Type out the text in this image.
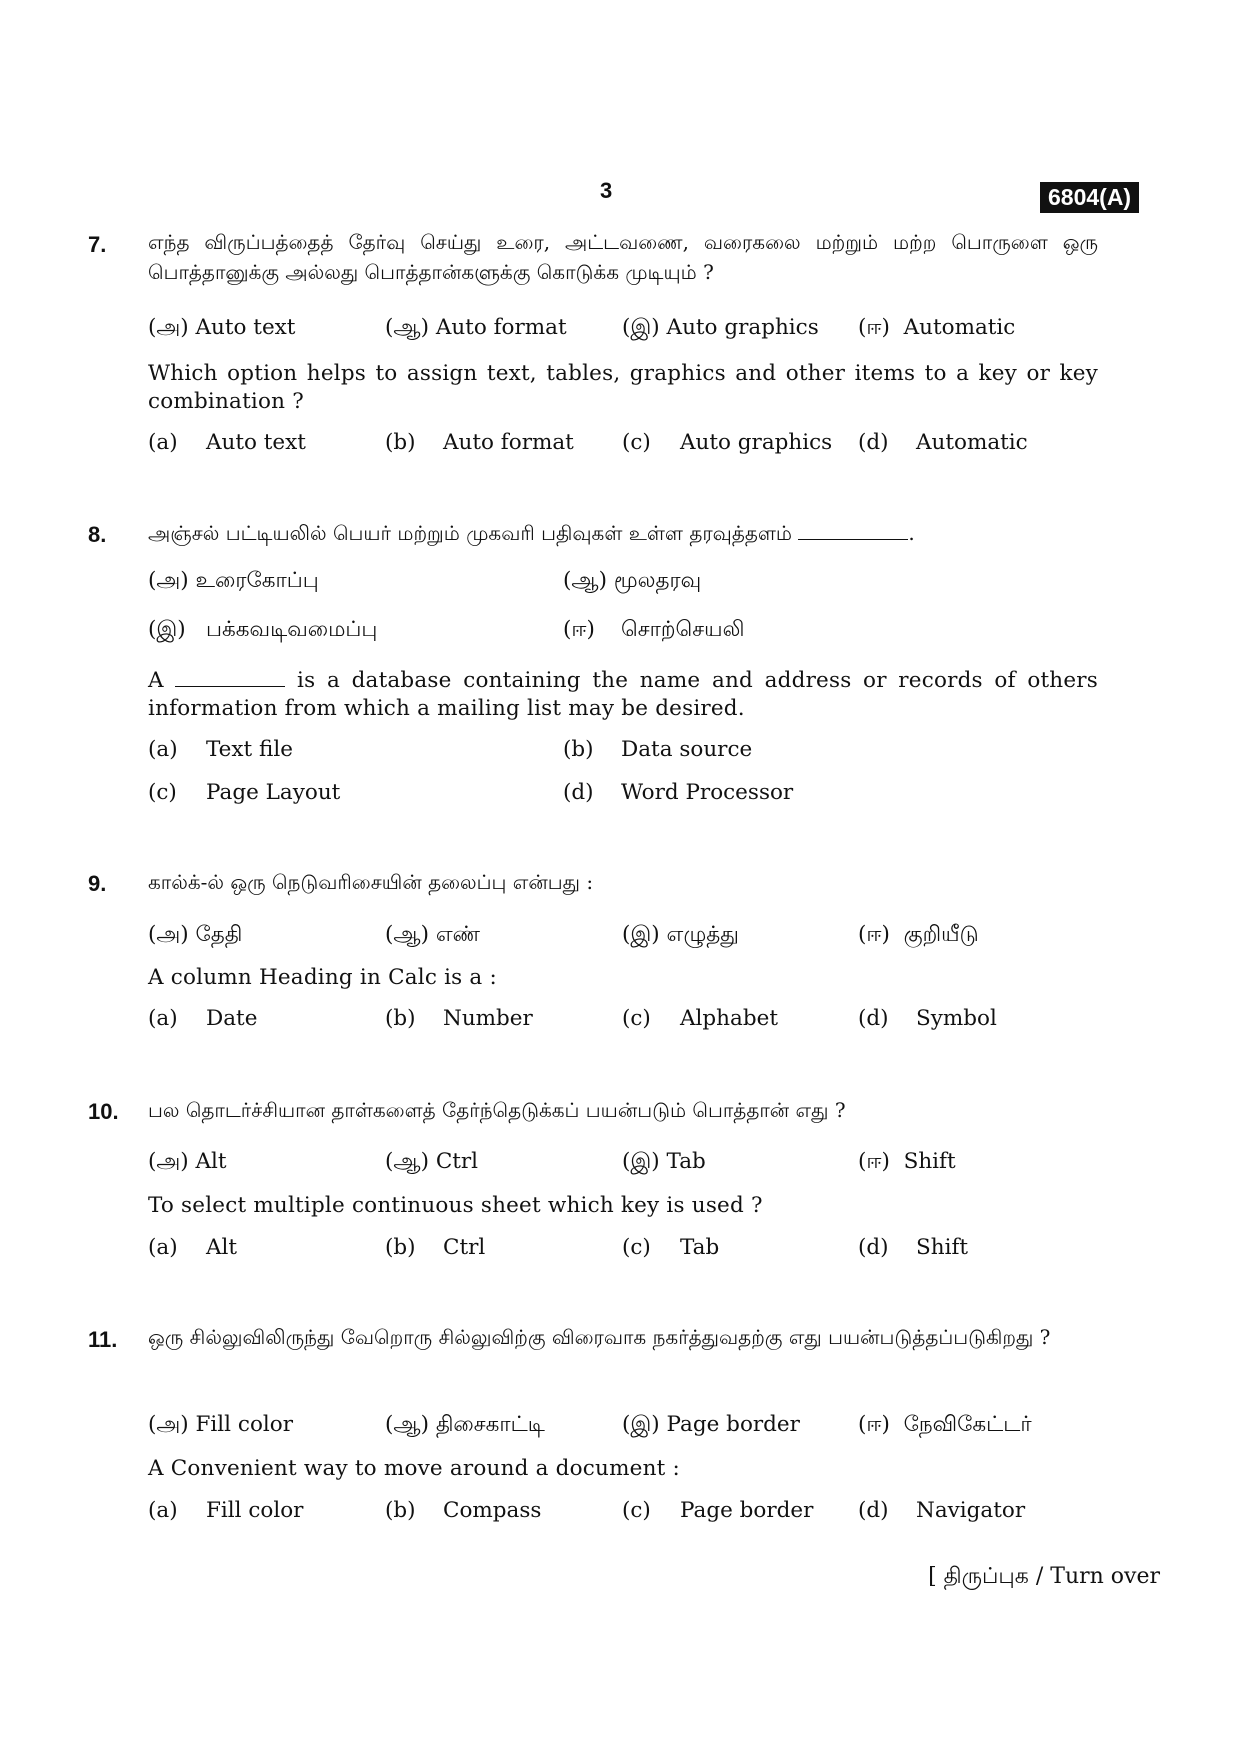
3	6804(A)
7. எந்த விருப்பத்தைத் தேர்வு செய்து உரை, அட்டவணை, வரைகலை மற்றும் மற்ற பொருளை ஒரு பொத்தானுக்கு அல்லது பொத்தான்களுக்கு கொடுக்க முடியும் ?
(அ) Auto text	(ஆ) Auto format	(இ) Auto graphics (ஈ) Automatic
Which option helps to assign text, tables, graphics and other items to a key or key combination ?
(a) Auto text	(b) Auto format (c) Auto graphics (d) Automatic
8. அஞ்சல் பட்டியலில் பெயர் மற்றும் முகவரி பதிவுகள் உள்ள தரவுத்தளம்	.
(அ) உரைகோப்பு	(ஆ) மூலதரவு
(இ) பக்கவடிவமைப்பு	(ஈ) சொற்செயலி
A	is a database containing the name and address or records of others information from which a mailing list may be desired.
(a) Text file	(b) Data source
(c) Page Layout	(d) Word Processor
9. கால்க்-ல் ஒரு நெடுவரிசையின் தலைப்பு என்பது :
(அ) தேதி	(ஆ) எண்	(இ) எழுத்து	(ஈ) குறியீடு
A column Heading in Calc is a :
(a) Date	(b) Number	(c) Alphabet	(d) Symbol
10. பல தொடர்ச்சியான தாள்களைத் தேர்ந்தெடுக்கப் பயன்படும் பொத்தான் எது ?
(அ) Alt	(ஆ) Ctrl	(இ) Tab	(ஈ) Shift
To select multiple continuous sheet which key is used ?
(a) Alt	(b) Ctrl	(c) Tab	(d) Shift
11. ஒரு சில்லுவிலிருந்து வேறொரு சில்லுவிற்கு விரைவாக நகர்த்துவதற்கு எது பயன்படுத்தப்படுகிறது ?
(அ) Fill color	(ஆ) திசைகாட்டி	(இ) Page border	(ஈ) நேவிகேட்டர்
A Convenient way to move around a document :
(a) Fill color	(b) Compass	(c) Page border (d) Navigator
[ திருப்புக / Turn over
